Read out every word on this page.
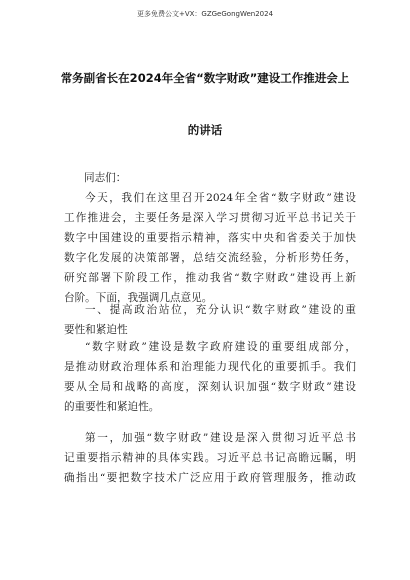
更多免费公文+VX：GZGeGongWen2024
常务副省长在2024年全省“数字财政”建设工作推进会上
的讲话
同志们：
今天，我们在这里召开2024年全省“数字财政”建设
工作推进会，主要任务是深入学习贯彻习近平总书记关于
数字中国建设的重要指示精神，落实中央和省委关于加快
数字化发展的决策部署，总结交流经验，分析形势任务，
研究部署下阶段工作，推动我省“数字财政”建设再上新
台阶。下面，我强调几点意见。
一、提高政治站位，充分认识“数字财政”建设的重
要性和紧迫性
“数字财政”建设是数字政府建设的重要组成部分，
是推动财政治理体系和治理能力现代化的重要抓手。我们
要从全局和战略的高度，深刻认识加强“数字财政”建设
的重要性和紧迫性。
第一，加强“数字财政”建设是深入贯彻习近平总书
记重要指示精神的具体实践。习近平总书记高瞻远瞩，明
确指出“要把数字技术广泛应用于政府管理服务，推动政
